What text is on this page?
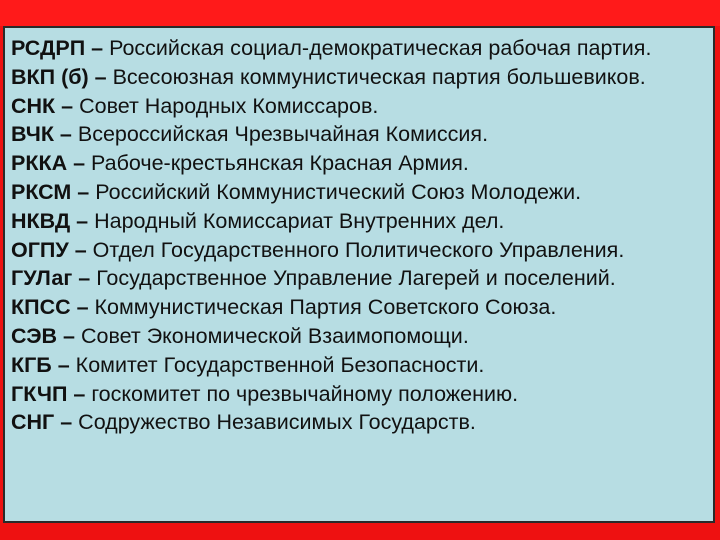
РСДРП – Российская социал-демократическая рабочая партия.

ВКП (б) – Всесоюзная коммунистическая партия большевиков.

СНК – Совет Народных Комиссаров.

ВЧК – Всероссийская Чрезвычайная Комиссия.

РККА – Рабоче-крестьянская Красная Армия.

РКСМ – Российский Коммунистический Союз Молодежи.

НКВД – Народный Комиссариат Внутренних дел.

ОГПУ – Отдел Государственного Политического Управления.

ГУЛаг – Государственное Управление Лагерей и поселений.

КПСС – Коммунистическая Партия Советского Союза.

СЭВ – Совет Экономической Взаимопомощи.

КГБ – Комитет Государственной Безопасности.

ГКЧП – госкомитет по чрезвычайному положению.

СНГ – Содружество Независимых Государств.
